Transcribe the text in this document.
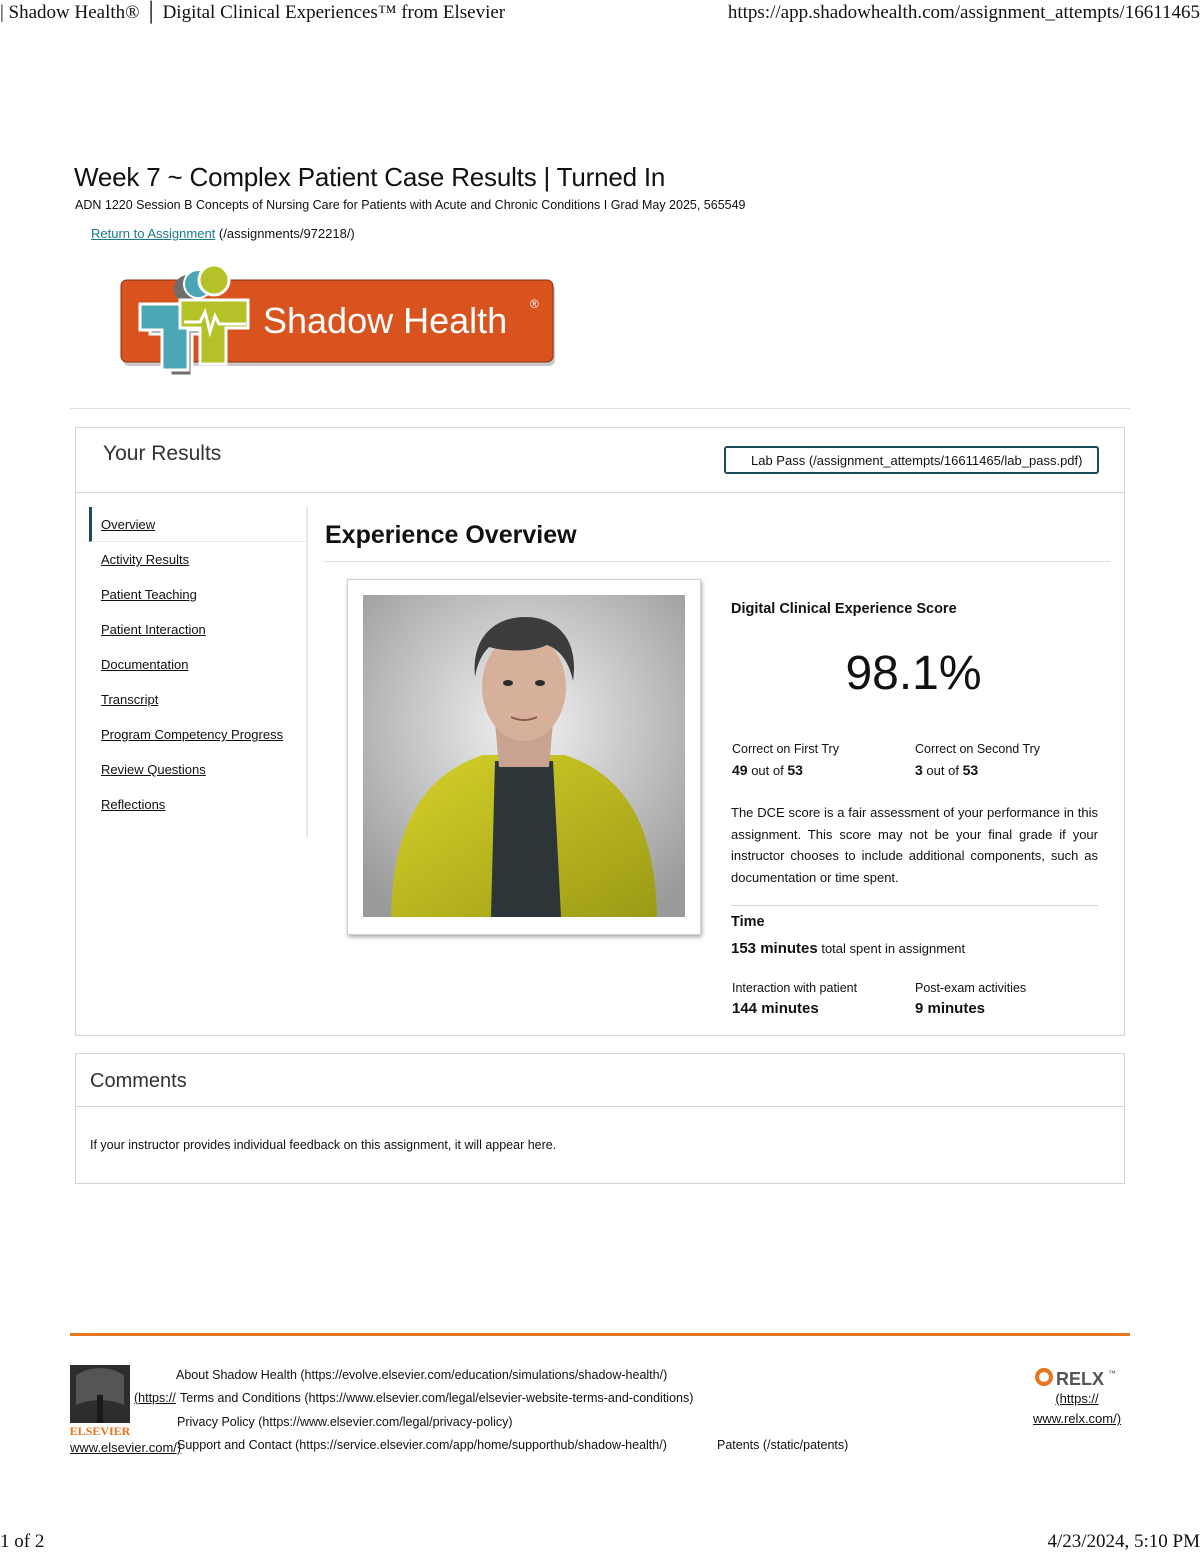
| Shadow Health® │ Digital Clinical Experiences™ from Elsevier	https://app.shadowhealth.com/assignment_attempts/16611465
Week 7 ~ Complex Patient Case Results | Turned In
ADN 1220 Session B Concepts of Nursing Care for Patients with Acute and Chronic Conditions I Grad May 2025, 565549
Return to Assignment (/assignments/972218/)
Shadow Health ®
Your Results	Lab Pass (/assignment_attempts/16611465/lab_pass.pdf)
Overview
Activity Results
Patient Teaching
Patient Interaction
Documentation
Transcript
Program Competency Progress
Review Questions
Reflections
Experience Overview
Digital Clinical Experience Score
98.1%
Correct on First Try
49 out of 53
Correct on Second Try
3 out of 53

The DCE score is a fair assessment of your performance in this assignment. This score may not be your final grade if your instructor chooses to include additional components, such as documentation or time spent.

Time
153 minutes total spent in assignment
Interaction with patient
144 minutes
Post-exam activities
9 minutes
Comments
If your instructor provides individual feedback on this assignment, it will appear here.
ELSEVIER
www.elsevier.com/)
(https://
About Shadow Health (https://evolve.elsevier.com/education/simulations/shadow-health/)
Terms and Conditions (https://www.elsevier.com/legal/elsevier-website-terms-and-conditions)
Privacy Policy (https://www.elsevier.com/legal/privacy-policy)
Support and Contact (https://service.elsevier.com/app/home/supporthub/shadow-health/)	Patents (/static/patents)
RELX ™
(https://
www.relx.com/)
1 of 2	4/23/2024, 5:10 PM
